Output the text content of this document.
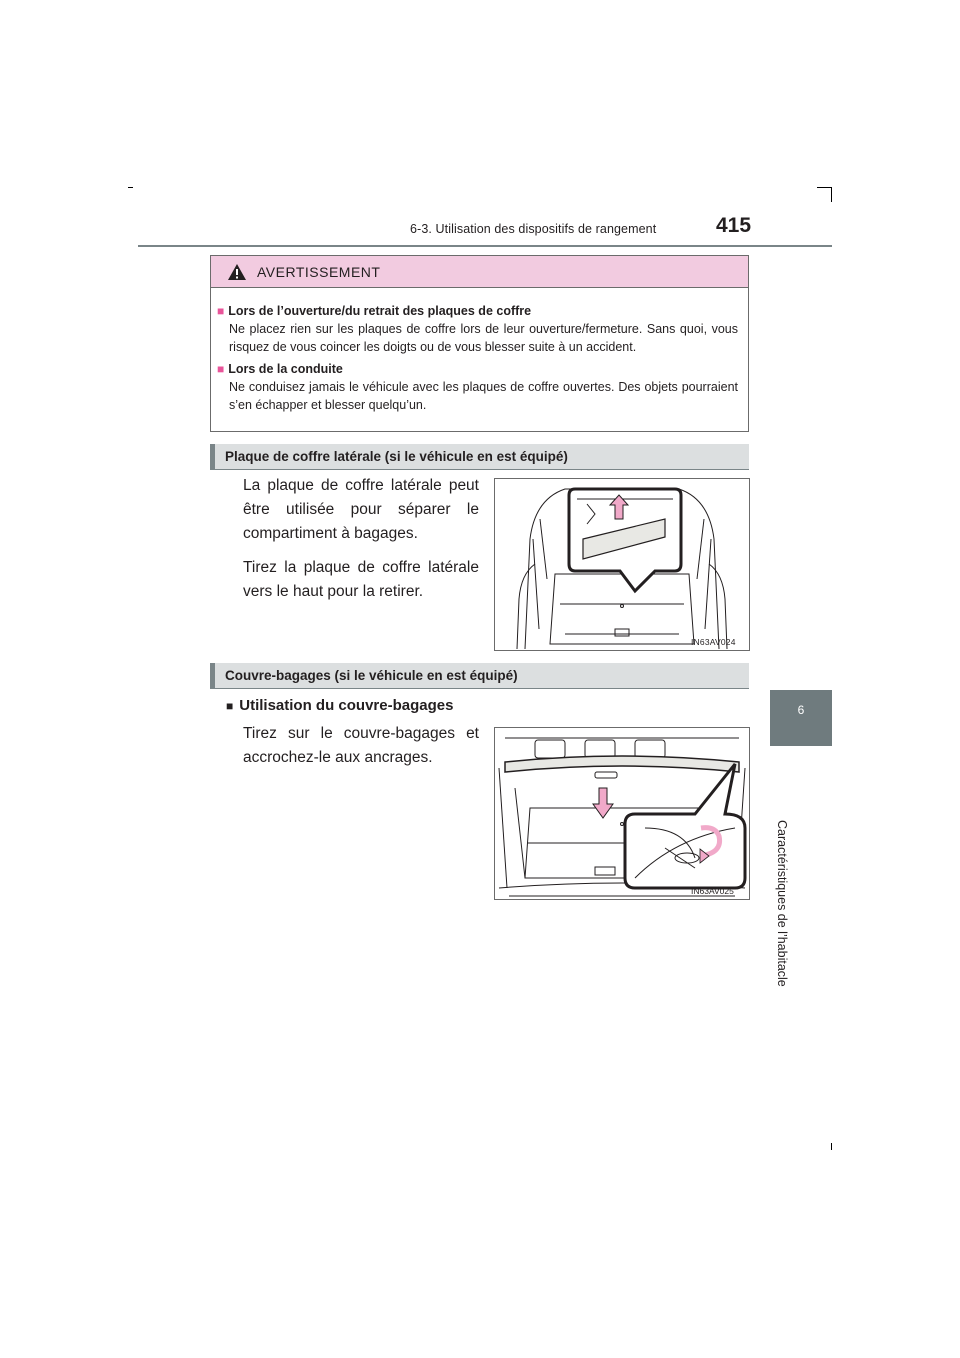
6-3. Utilisation des dispositifs de rangement	415
6
Caractéristiques de l’habitacle
AVERTISSEMENT
■ Lors de l’ouverture/du retrait des plaques de coffre
Ne placez rien sur les plaques de coffre lors de leur ouverture/fermeture. Sans quoi, vous risquez de vous coincer les doigts ou de vous blesser suite à un accident.
■ Lors de la conduite
Ne conduisez jamais le véhicule avec les plaques de coffre ouvertes. Des objets pourraient s’en échapper et blesser quelqu’un.
Plaque de coffre latérale (si le véhicule en est équipé)

La plaque de coffre latérale peut être utilisée pour séparer le compartiment à bagages.

Tirez la plaque de coffre latérale vers le haut pour la retirer.

IN63AV024
Couvre-bagages (si le véhicule en est équipé)
■ Utilisation du couvre-bagages

Tirez sur le couvre-bagages et accrochez-le aux ancrages.

IN63AV025
